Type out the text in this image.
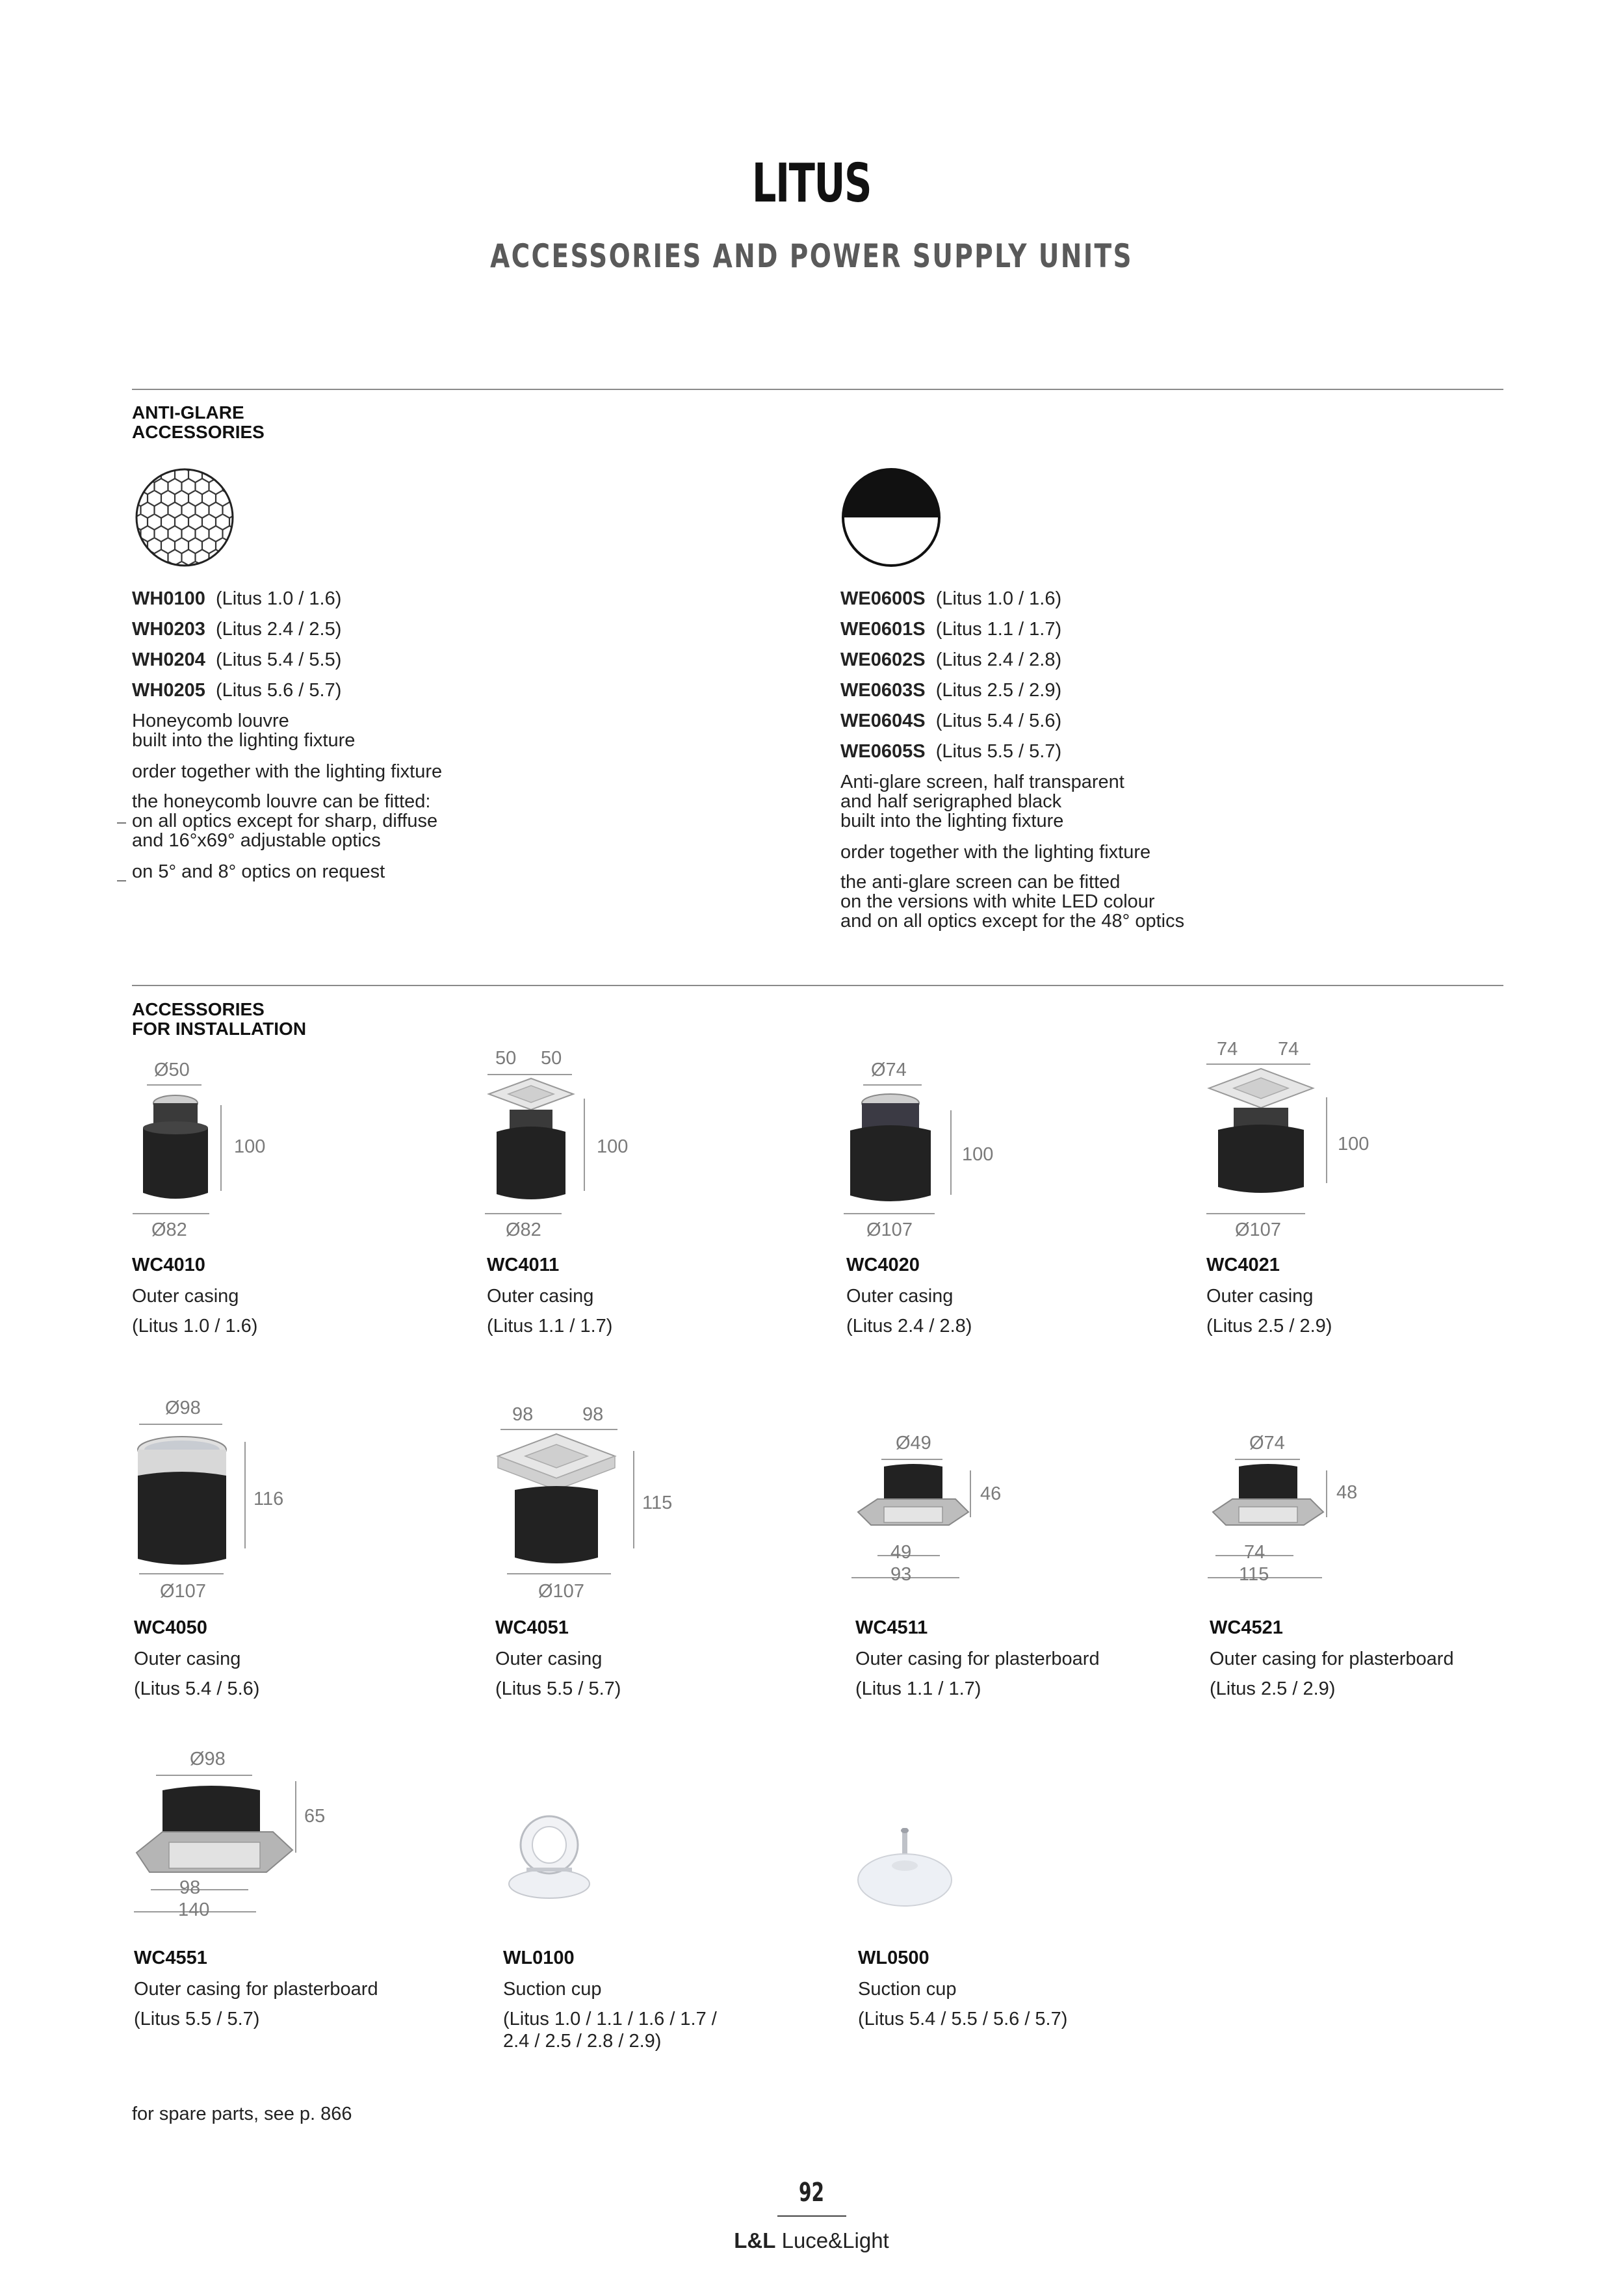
LITUS
ACCESSORIES AND POWER SUPPLY UNITS
ANTI-GLARE
ACCESSORIES
WH0100 (Litus 1.0 / 1.6)
WH0203 (Litus 2.4 / 2.5)
WH0204 (Litus 5.4 / 5.5)
WH0205 (Litus 5.6 / 5.7)
Honeycomb louvre
built into the lighting fixture
order together with the lighting fixture
the honeycomb louvre can be fitted:
on all optics except for sharp, diffuse
and 16°x69° adjustable optics
on 5° and 8° optics on request
WE0600S (Litus 1.0 / 1.6)
WE0601S (Litus 1.1 / 1.7)
WE0602S (Litus 2.4 / 2.8)
WE0603S (Litus 2.5 / 2.9)
WE0604S (Litus 5.4 / 5.6)
WE0605S (Litus 5.5 / 5.7)
Anti-glare screen, half transparent
and half serigraphed black
built into the lighting fixture
order together with the lighting fixture
the anti-glare screen can be fitted
on the versions with white LED colour
and on all optics except for the 48° optics
ACCESSORIES
FOR INSTALLATION
Ø50
100
Ø82
50 50
100
Ø82
Ø74
100
Ø107
74 74
100
Ø107
WC4010
Outer casing
(Litus 1.0 / 1.6)
WC4011
Outer casing
(Litus 1.1 / 1.7)
WC4020
Outer casing
(Litus 2.4 / 2.8)
WC4021
Outer casing
(Litus 2.5 / 2.9)
Ø98
116
Ø107
98	98
115
Ø107
Ø49
46
49
93
Ø74
48
74
115
WC4050
Outer casing
(Litus 5.4 / 5.6)
WC4051
Outer casing
(Litus 5.5 / 5.7)
WC4511
Outer casing for plasterboard
(Litus 1.1 / 1.7)
WC4521
Outer casing for plasterboard
(Litus 2.5 / 2.9)
Ø98
65
98
140
WC4551
Outer casing for plasterboard
(Litus 5.5 / 5.7)
WL0100
Suction cup
(Litus 1.0 / 1.1 / 1.6 / 1.7 /
2.4 / 2.5 / 2.8 / 2.9)
WL0500
Suction cup
(Litus 5.4 / 5.5 / 5.6 / 5.7)
for spare parts, see p. 866
92
L&L Luce&Light
